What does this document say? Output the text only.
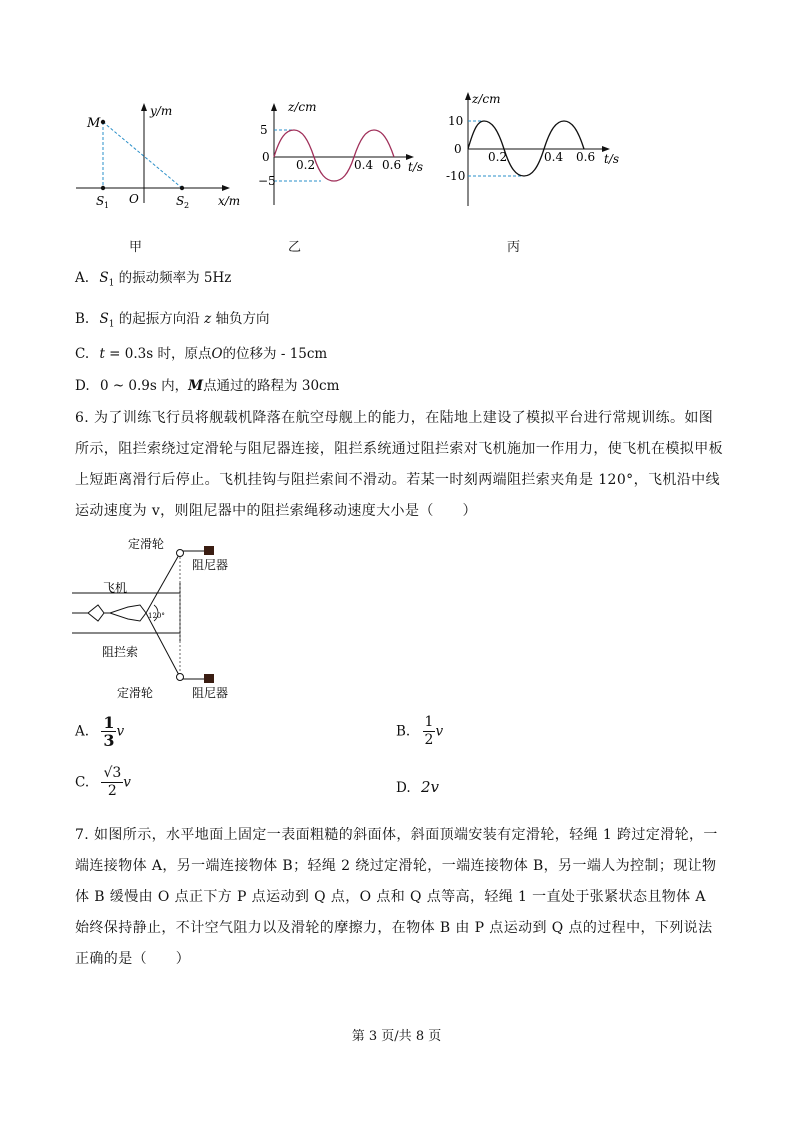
M
y/m
S 1 O	S 2 x/m
甲
z/cm
5
0
−5
0.2	0.4 0.6 t/s
乙
z/cm
10
0
-10
0.2	0.4 0.6 t/s
丙
A. $S_1$ 的振动频率为 5Hz
B. $S_1$ 的起振方向沿 z 轴负方向
C. t = 0.3s 时，原点O的位移为 - 15cm
D. 0 ~ 0.9s 内，M点通过的路程为 30cm
6. 为了训练飞行员将舰载机降落在航空母舰上的能力，在陆地上建设了模拟平台进行常规训练。如图所示，阻拦索绕过定滑轮与阻尼器连接，阻拦系统通过阻拦索对飞机施加一作用力，使飞机在模拟甲板上短距离滑行后停止。飞机挂钩与阻拦索间不滑动。若某一时刻两端阻拦索夹角是 120°，飞机沿中线运动速度为 v，则阻尼器中的阻拦索绳移动速度大小是（　　）
定滑轮
阻尼器
飞机
120°
阻拦索
定滑轮	阻尼器
A. $\frac{1}{3}$ v	B. $\frac{1}{2}$ v
C. $\frac{√3}{2}$ v	D. 2v
7. 如图所示，水平地面上固定一表面粗糙的斜面体，斜面顶端安装有定滑轮，轻绳 1 跨过定滑轮，一端连接物体 A，另一端连接物体 B；轻绳 2 绕过定滑轮，一端连接物体 B，另一端人为控制；现让物体 B 缓慢由 O 点正下方 P 点运动到 Q 点，O 点和 Q 点等高，轻绳 1 一直处于张紧状态且物体 A 始终保持静止，不计空气阻力以及滑轮的摩擦力，在物体 B 由 P 点运动到 Q 点的过程中，下列说法正确的是（　　）
第 3 页/共 8 页
